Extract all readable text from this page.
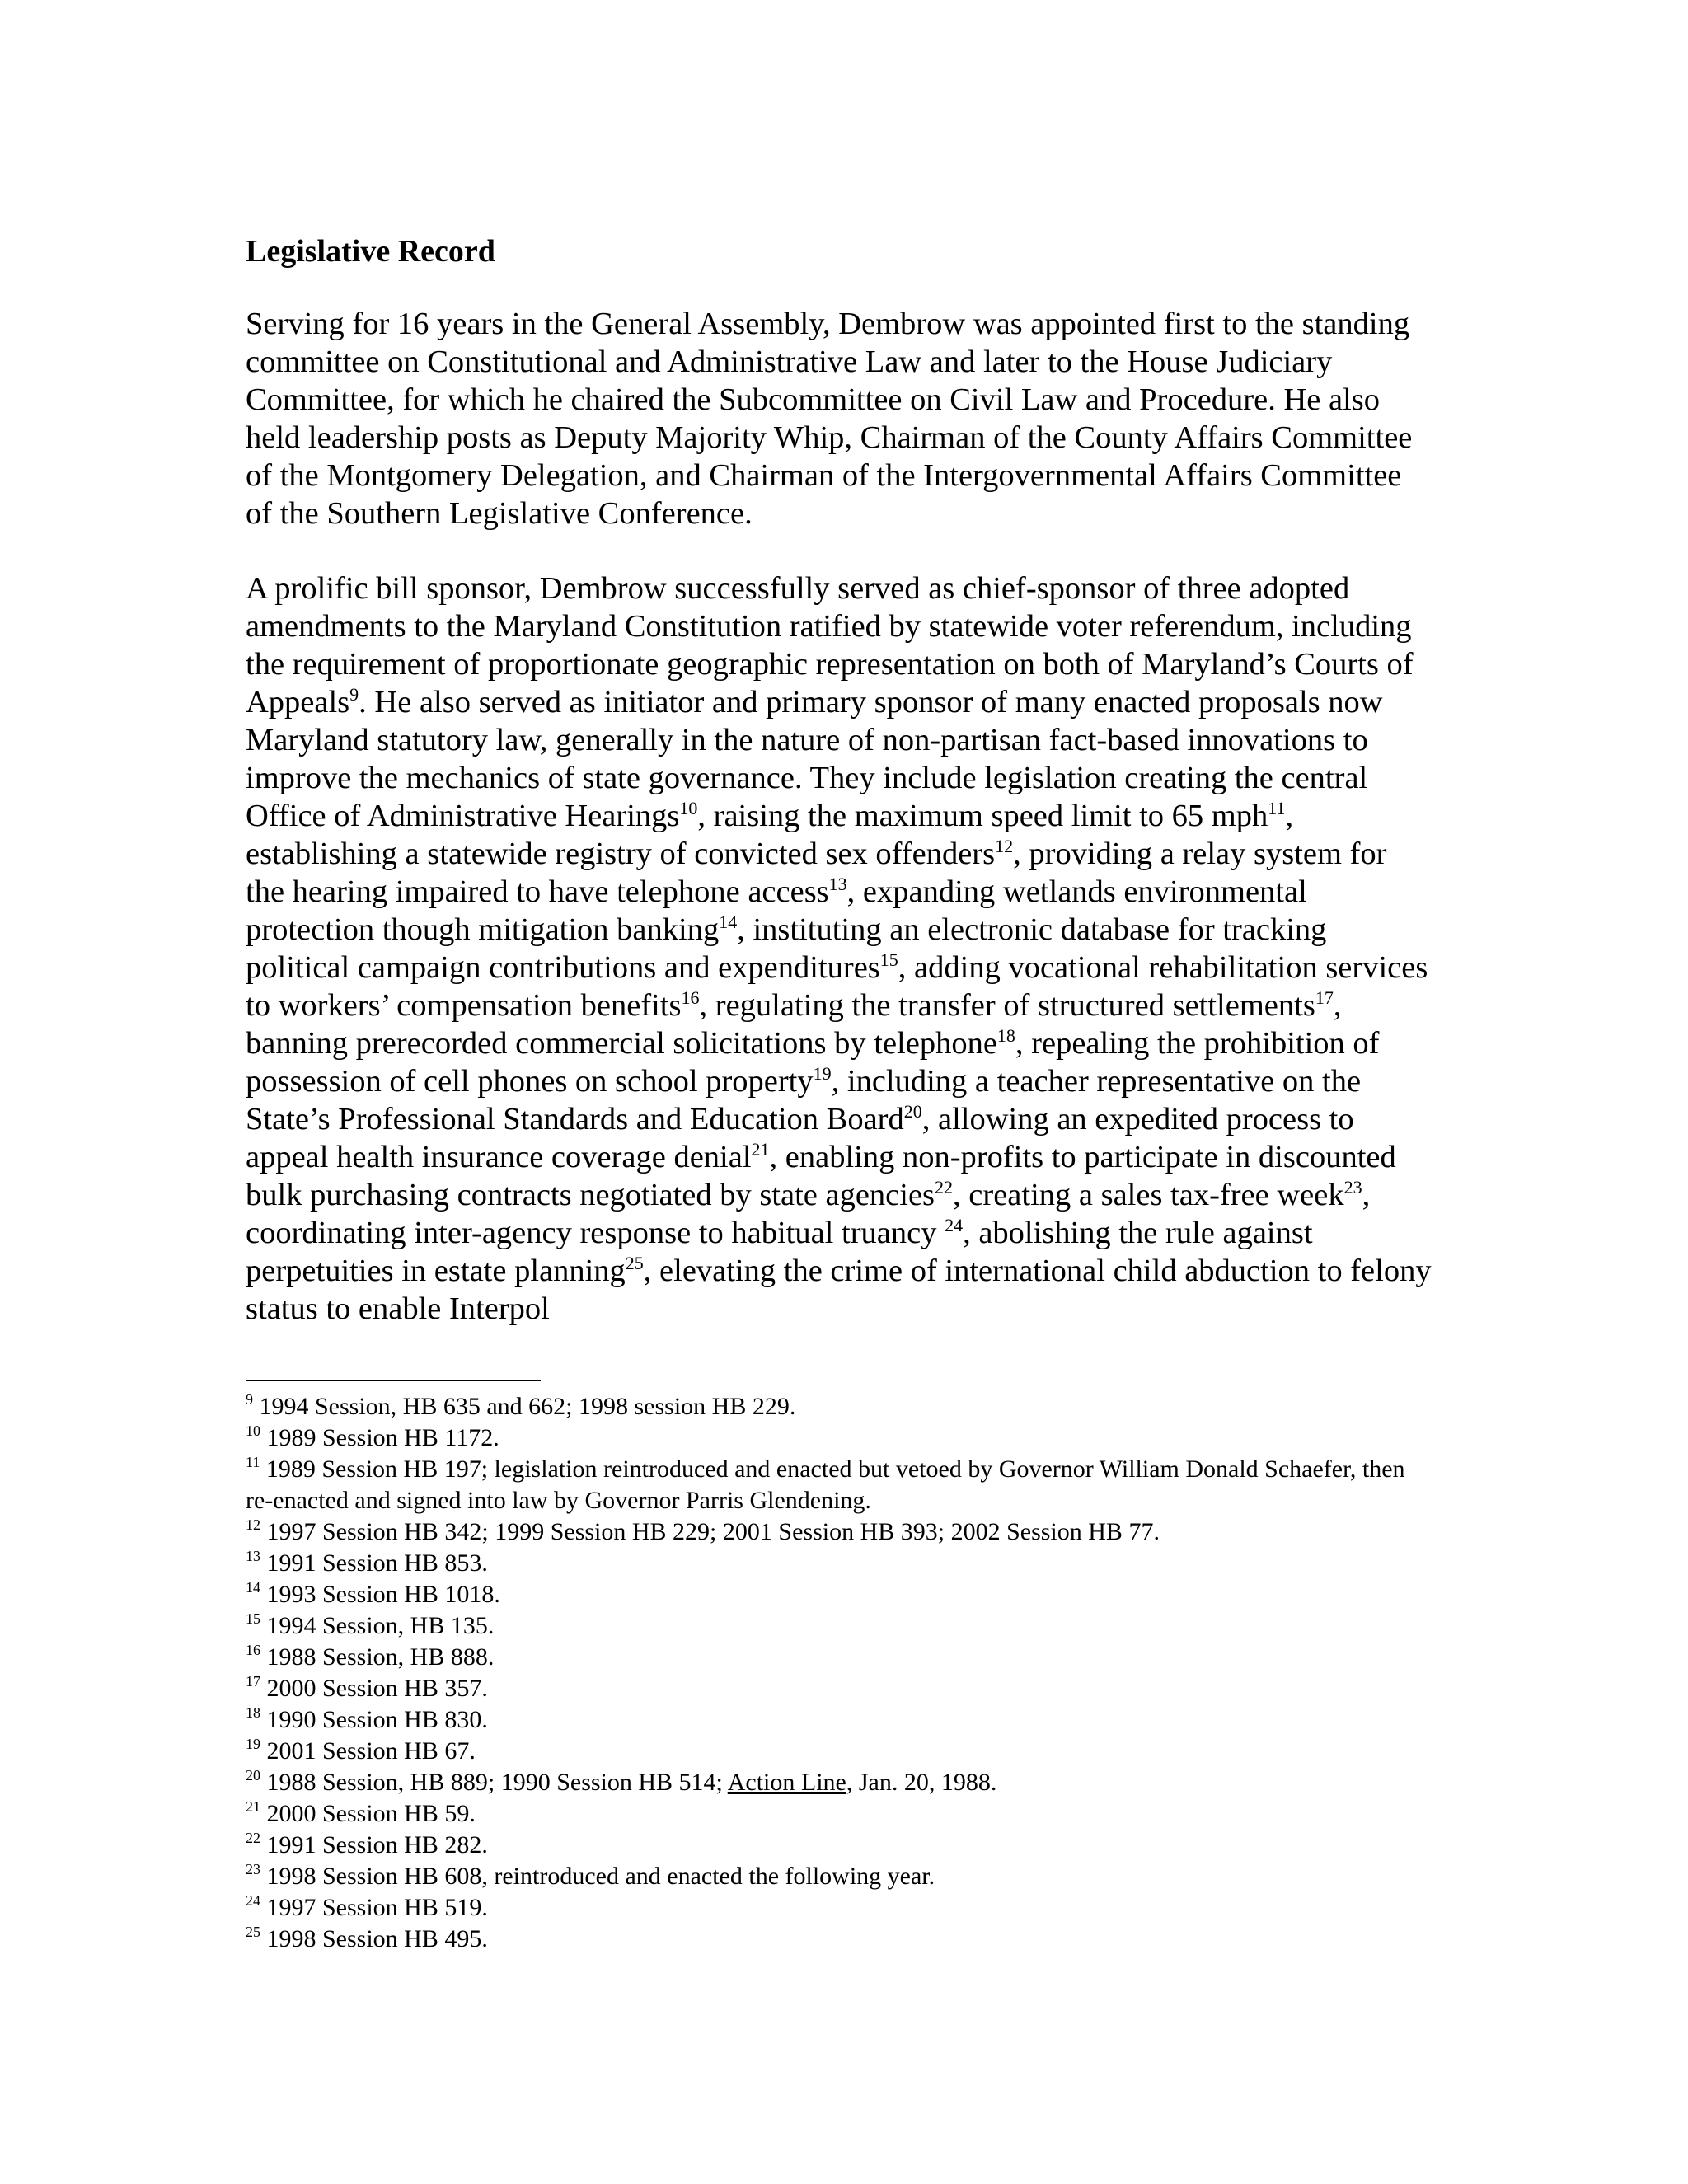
Legislative Record

Serving for 16 years in the General Assembly, Dembrow was appointed first to the standing committee on Constitutional and Administrative Law and later to the House Judiciary Committee, for which he chaired the Subcommittee on Civil Law and Procedure. He also held leadership posts as Deputy Majority Whip, Chairman of the County Affairs Committee of the Montgomery Delegation, and Chairman of the Intergovernmental Affairs Committee of the Southern Legislative Conference.

A prolific bill sponsor, Dembrow successfully served as chief-sponsor of three adopted amendments to the Maryland Constitution ratified by statewide voter referendum, including the requirement of proportionate geographic representation on both of Maryland’s Courts of Appeals$^9$. He also served as initiator and primary sponsor of many enacted proposals now Maryland statutory law, generally in the nature of non-partisan fact-based innovations to improve the mechanics of state governance. They include legislation creating the central Office of Administrative Hearings$^{10}$, raising the maximum speed limit to 65 mph$^{11}$, establishing a statewide registry of convicted sex offenders$^{12}$, providing a relay system for the hearing impaired to have telephone access$^{13}$, expanding wetlands environmental protection though mitigation banking$^{14}$, instituting an electronic database for tracking political campaign contributions and expenditures$^{15}$, adding vocational rehabilitation services to workers’ compensation benefits$^{16}$, regulating the transfer of structured settlements$^{17}$, banning prerecorded commercial solicitations by telephone$^{18}$, repealing the prohibition of possession of cell phones on school property$^{19}$, including a teacher representative on the State’s Professional Standards and Education Board$^{20}$, allowing an expedited process to appeal health insurance coverage denial$^{21}$, enabling non-profits to participate in discounted bulk purchasing contracts negotiated by state agencies$^{22}$, creating a sales tax-free week$^{23}$, coordinating inter-agency response to habitual truancy $^{24}$, abolishing the rule against perpetuities in estate planning$^{25}$, elevating the crime of international child abduction to felony status to enable Interpol

$^9$ 1994 Session, HB 635 and 662; 1998 session HB 229.

$^{10}$ 1989 Session HB 1172.

$^{11}$ 1989 Session HB 197; legislation reintroduced and enacted but vetoed by Governor William Donald Schaefer, then re-enacted and signed into law by Governor Parris Glendening.

$^{12}$ 1997 Session HB 342; 1999 Session HB 229; 2001 Session HB 393; 2002 Session HB 77.

$^{13}$ 1991 Session HB 853.

$^{14}$ 1993 Session HB 1018.

$^{15}$ 1994 Session, HB 135.

$^{16}$ 1988 Session, HB 888.

$^{17}$ 2000 Session HB 357.

$^{18}$ 1990 Session HB 830.

$^{19}$ 2001 Session HB 67.

$^{20}$ 1988 Session, HB 889; 1990 Session HB 514; Action Line, Jan. 20, 1988.

$^{21}$ 2000 Session HB 59.

$^{22}$ 1991 Session HB 282.

$^{23}$ 1998 Session HB 608, reintroduced and enacted the following year.

$^{24}$ 1997 Session HB 519.

$^{25}$ 1998 Session HB 495.
